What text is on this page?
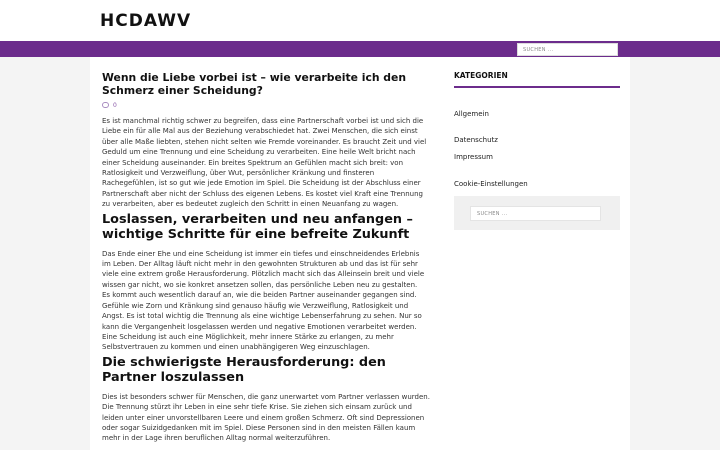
HCDAWV
SUCHEN ...
Wenn die Liebe vorbei ist – wie verarbeite ich den Schmerz einer Scheidung?
0

Es ist manchmal richtig schwer zu begreifen, dass eine Partnerschaft vorbei ist und sich die Liebe ein für alle Mal aus der Beziehung verabschiedet hat. Zwei Menschen, die sich einst über alle Maße liebten, stehen nicht selten wie Fremde voreinander. Es braucht Zeit und viel Geduld um eine Trennung und eine Scheidung zu verarbeiten. Eine heile Welt bricht nach einer Scheidung auseinander. Ein breites Spektrum an Gefühlen macht sich breit: von Ratlosigkeit und Verzweiflung, über Wut, persönlicher Kränkung und finsteren Rachegefühlen, ist so gut wie jede Emotion im Spiel. Die Scheidung ist der Abschluss einer Partnerschaft aber nicht der Schluss des eigenen Lebens. Es kostet viel Kraft eine Trennung zu verarbeiten, aber es bedeutet zugleich den Schritt in einen Neuanfang zu wagen.

Loslassen, verarbeiten und neu anfangen – wichtige Schritte für eine befreite Zukunft

Das Ende einer Ehe und eine Scheidung ist immer ein tiefes und einschneidendes Erlebnis im Leben. Der Alltag läuft nicht mehr in den gewohnten Strukturen ab und das ist für sehr viele eine extrem große Herausforderung. Plötzlich macht sich das Alleinsein breit und viele wissen gar nicht, wo sie konkret ansetzen sollen, das persönliche Leben neu zu gestalten.

Es kommt auch wesentlich darauf an, wie die beiden Partner auseinander gegangen sind. Gefühle wie Zorn und Kränkung sind genauso häufig wie Verzweiflung, Ratlosigkeit und Angst. Es ist total wichtig die Trennung als eine wichtige Lebenserfahrung zu sehen. Nur so kann die Vergangenheit losgelassen werden und negative Emotionen verarbeitet werden. Eine Scheidung ist auch eine Möglichkeit, mehr innere Stärke zu erlangen, zu mehr Selbstvertrauen zu kommen und einen unabhängigeren Weg einzuschlagen.

Die schwierigste Herausforderung: den Partner loszulassen

Dies ist besonders schwer für Menschen, die ganz unerwartet vom Partner verlassen wurden. Die Trennung stürzt ihr Leben in eine sehr tiefe Krise. Sie ziehen sich einsam zurück und leiden unter einer unvorstellbaren Leere und einem großen Schmerz. Oft sind Depressionen oder sogar Suizidgedanken mit im Spiel. Diese Personen sind in den meisten Fällen kaum mehr in der Lage ihren beruflichen Alltag normal weiterzuführen.

KATEGORIEN
Allgemein
Datenschutz
Impressum
Cookie-Einstellungen
SUCHEN ...
